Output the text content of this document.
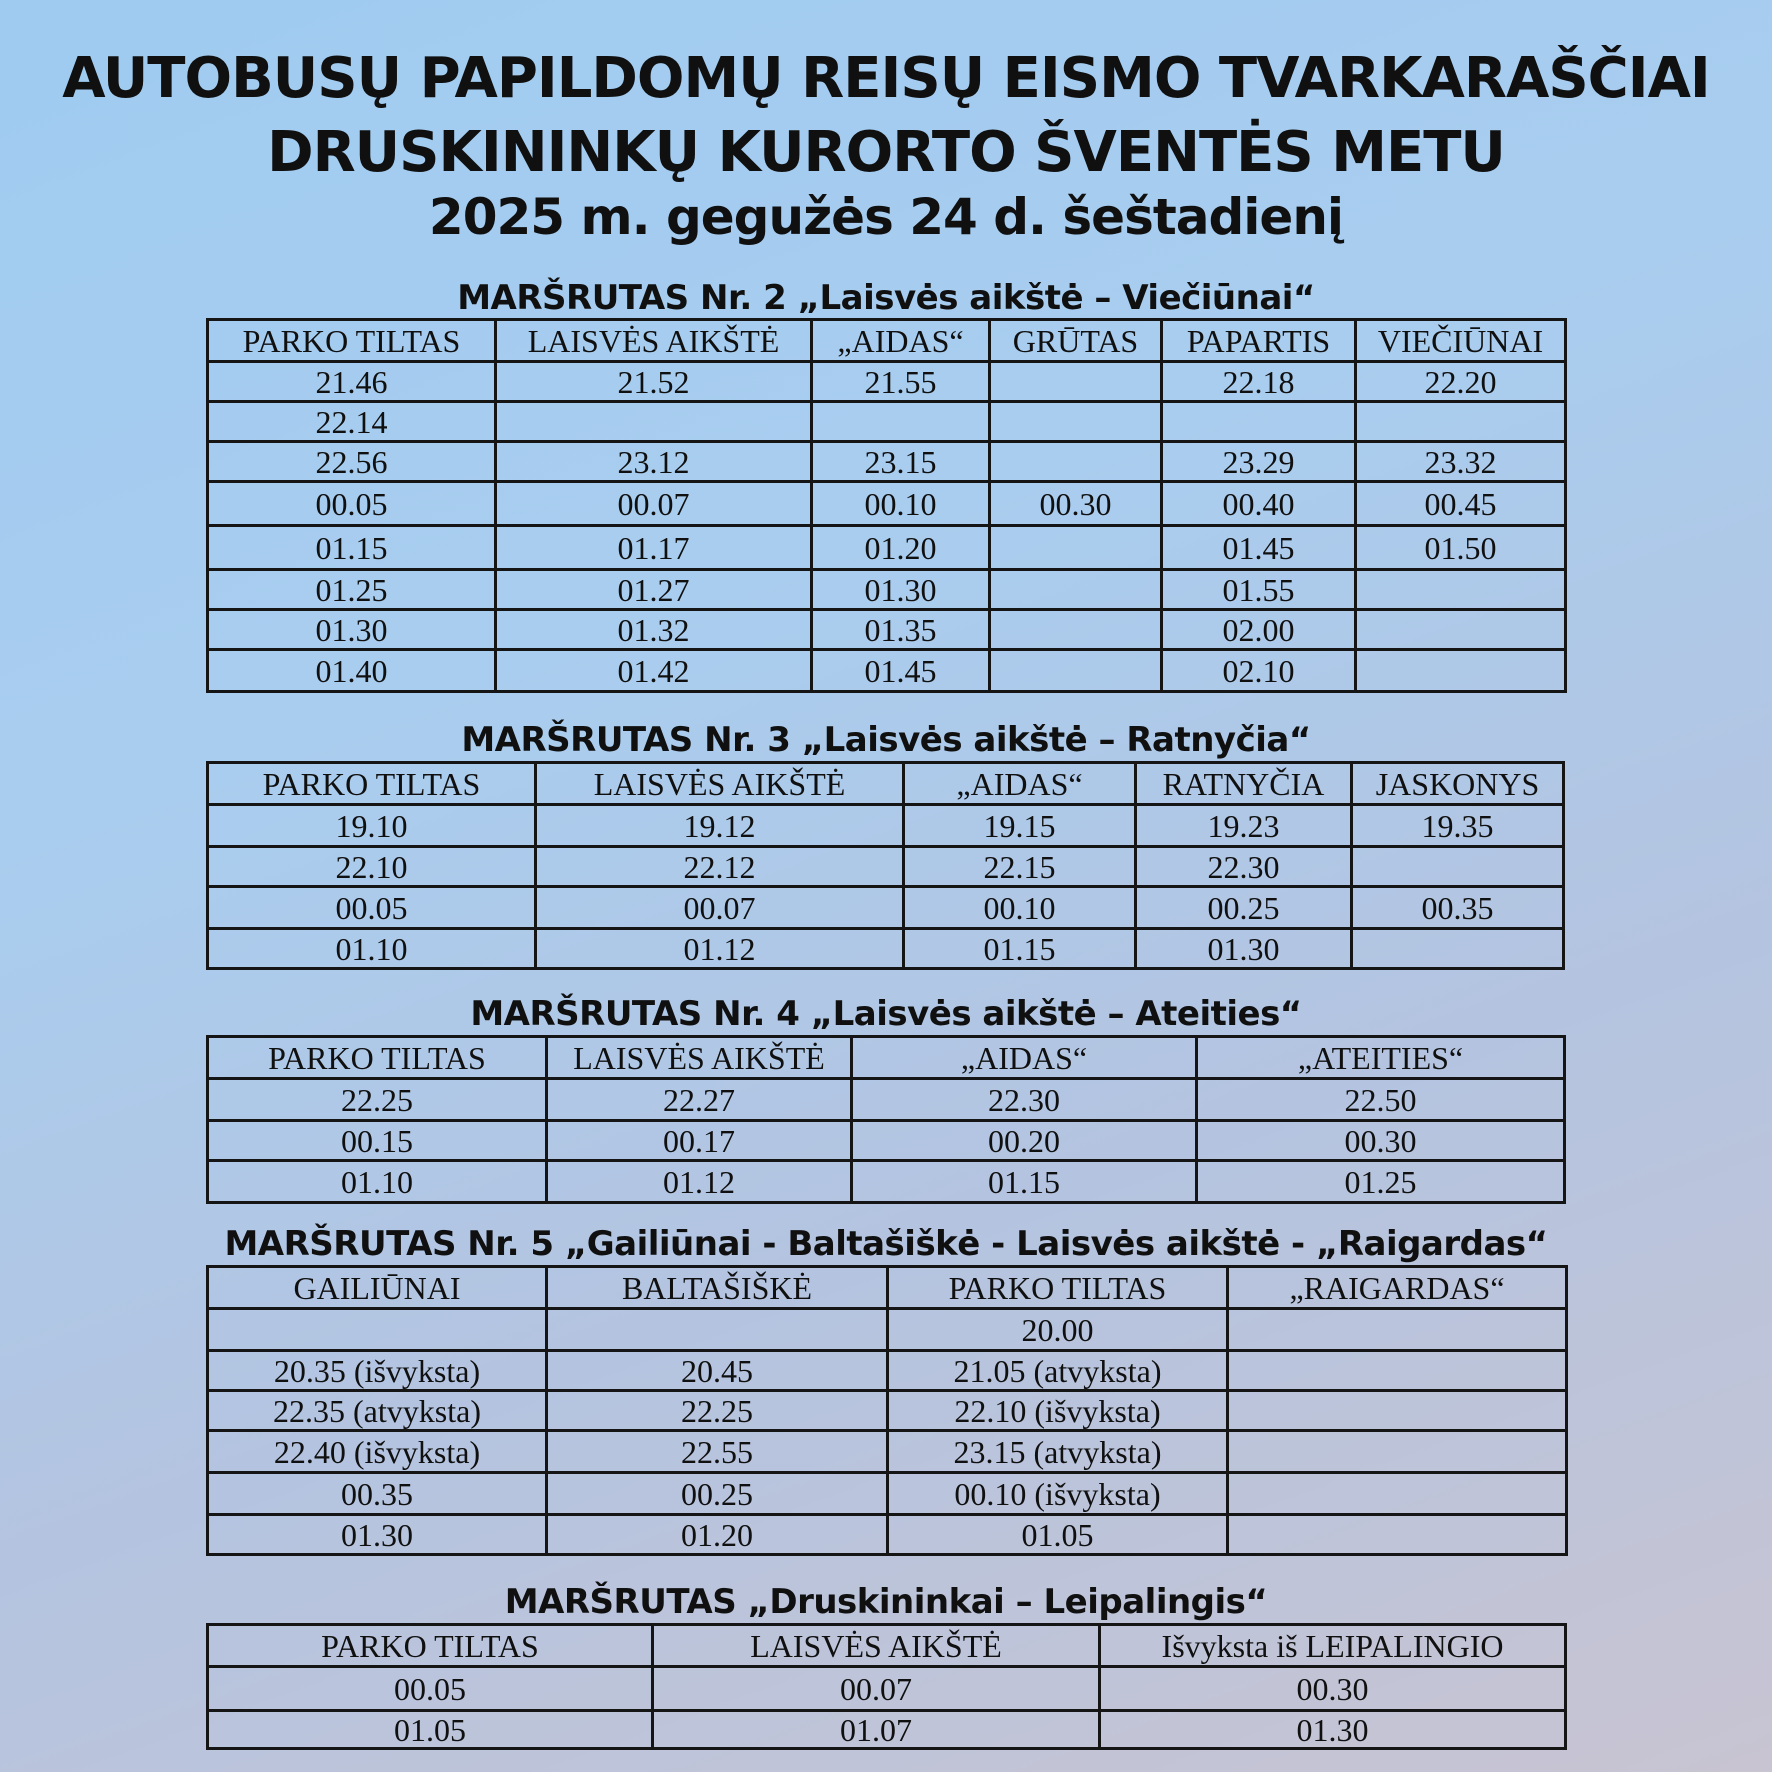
AUTOBUSŲ PAPILDOMŲ REISŲ EISMO TVARKARAŠČIAI
DRUSKININKŲ KURORTO ŠVENTĖS METU
2025 m. gegužės 24 d. šeštadienį
MARŠRUTAS Nr. 2 „Laisvės aikštė – Viečiūnai“
PARKO TILTAS	LAISVĖS AIKŠTĖ	„AIDAS“	GRŪTAS	PAPARTIS	VIEČIŪNAI
21.46	21.52	21.55		22.18	22.20
22.14					
22.56	23.12	23.15		23.29	23.32
00.05	00.07	00.10	00.30	00.40	00.45
01.15	01.17	01.20		01.45	01.50
01.25	01.27	01.30		01.55	
01.30	01.32	01.35		02.00	
01.40	01.42	01.45		02.10	
MARŠRUTAS Nr. 3 „Laisvės aikštė – Ratnyčia“
PARKO TILTAS	LAISVĖS AIKŠTĖ	„AIDAS“	RATNYČIA	JASKONYS
19.10	19.12	19.15	19.23	19.35
22.10	22.12	22.15	22.30	
00.05	00.07	00.10	00.25	00.35
01.10	01.12	01.15	01.30	
MARŠRUTAS Nr. 4 „Laisvės aikštė – Ateities“
PARKO TILTAS	LAISVĖS AIKŠTĖ	„AIDAS“	„ATEITIES“
22.25	22.27	22.30	22.50
00.15	00.17	00.20	00.30
01.10	01.12	01.15	01.25
MARŠRUTAS Nr. 5 „Gailiūnai - Baltašiškė - Laisvės aikštė - „Raigardas“
GAILIŪNAI	BALTAŠIŠKĖ	PARKO TILTAS	„RAIGARDAS“
		20.00	
20.35 (išvyksta)	20.45	21.05 (atvyksta)	
22.35 (atvyksta)	22.25	22.10 (išvyksta)	
22.40 (išvyksta)	22.55	23.15 (atvyksta)	
00.35	00.25	00.10 (išvyksta)	
01.30	01.20	01.05	
MARŠRUTAS „Druskininkai – Leipalingis“
PARKO TILTAS	LAISVĖS AIKŠTĖ	Išvyksta iš LEIPALINGIO
00.05	00.07	00.30
01.05	01.07	01.30
